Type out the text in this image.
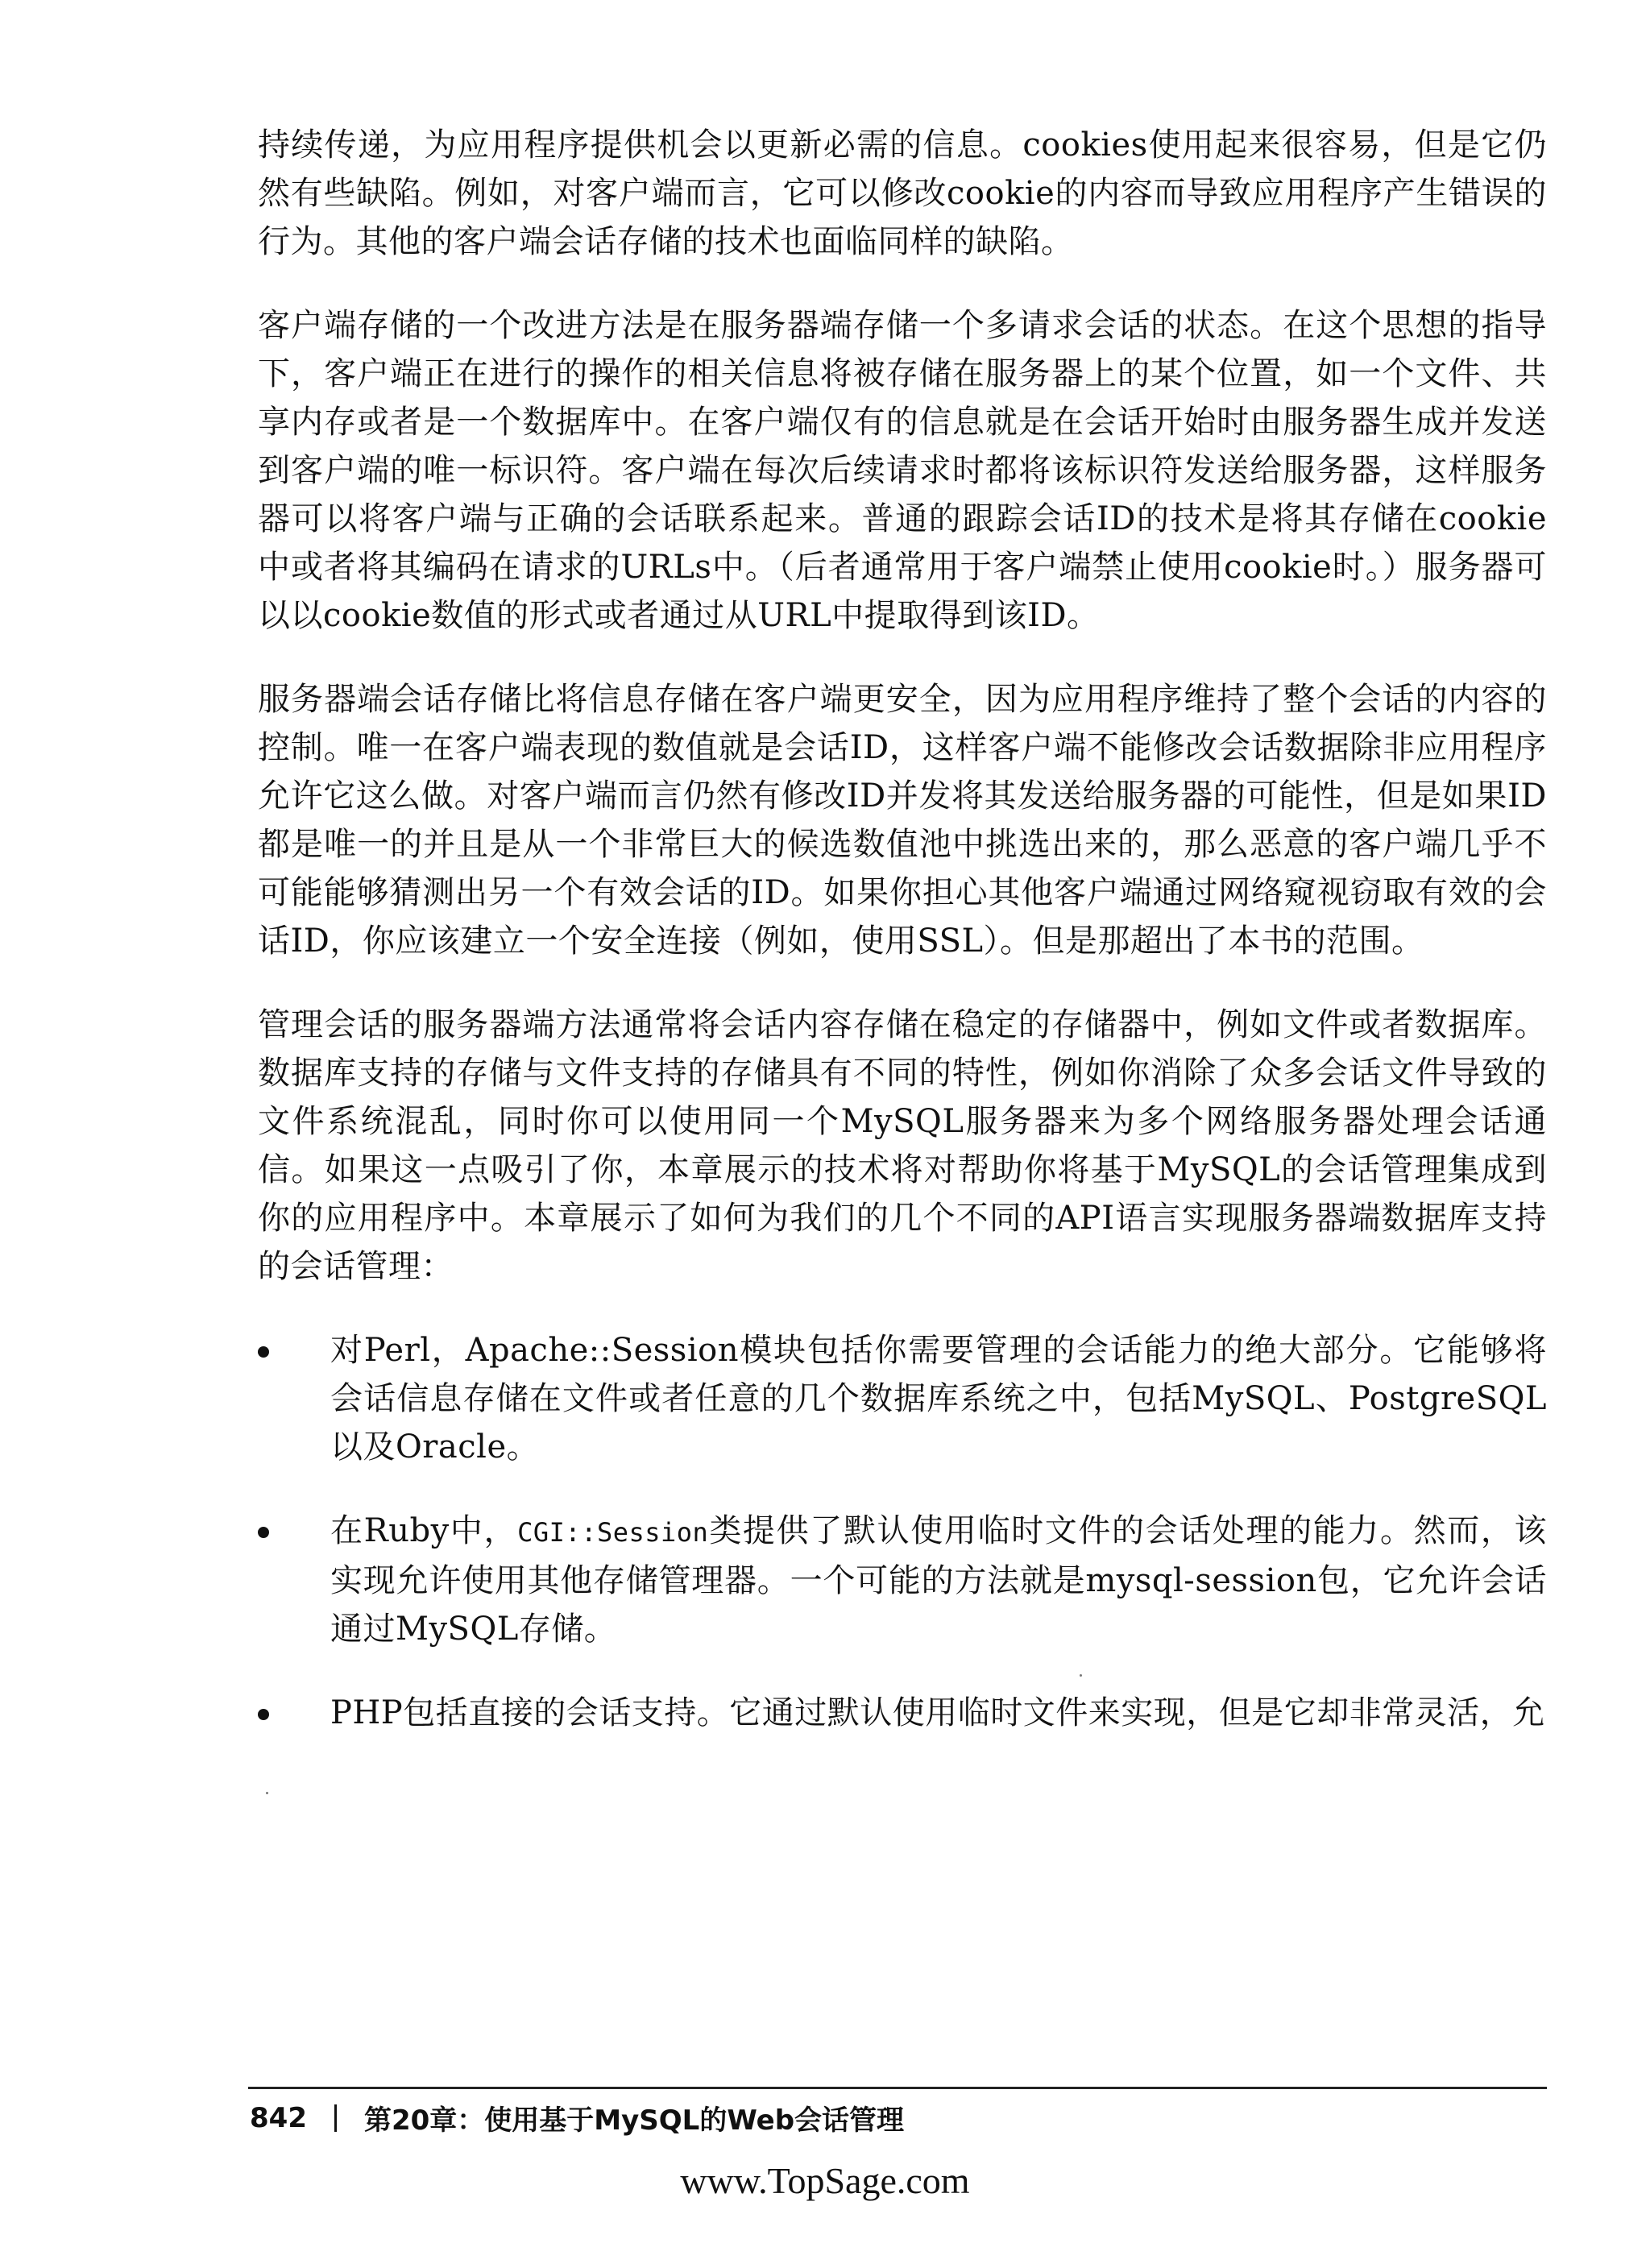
持续传递，为应用程序提供机会以更新必需的信息。cookies使用起来很容易，但是它仍然有些缺陷。例如，对客户端而言，它可以修改cookie的内容而导致应用程序产生错误的行为。其他的客户端会话存储的技术也面临同样的缺陷。

客户端存储的一个改进方法是在服务器端存储一个多请求会话的状态。在这个思想的指导下，客户端正在进行的操作的相关信息将被存储在服务器上的某个位置，如一个文件、共享内存或者是一个数据库中。在客户端仅有的信息就是在会话开始时由服务器生成并发送到客户端的唯一标识符。客户端在每次后续请求时都将该标识符发送给服务器，这样服务器可以将客户端与正确的会话联系起来。普通的跟踪会话ID的技术是将其存储在cookie中或者将其编码在请求的URLs中。（后者通常用于客户端禁止使用cookie时。）服务器可以以cookie数值的形式或者通过从URL中提取得到该ID。

服务器端会话存储比将信息存储在客户端更安全，因为应用程序维持了整个会话的内容的控制。唯一在客户端表现的数值就是会话ID，这样客户端不能修改会话数据除非应用程序允许它这么做。对客户端而言仍然有修改ID并发将其发送给服务器的可能性，但是如果ID都是唯一的并且是从一个非常巨大的候选数值池中挑选出来的，那么恶意的客户端几乎不可能能够猜测出另一个有效会话的ID。如果你担心其他客户端通过网络窥视窃取有效的会话ID，你应该建立一个安全连接（例如，使用SSL）。但是那超出了本书的范围。

管理会话的服务器端方法通常将会话内容存储在稳定的存储器中，例如文件或者数据库。数据库支持的存储与文件支持的存储具有不同的特性，例如你消除了众多会话文件导致的文件系统混乱，同时你可以使用同一个MySQL服务器来为多个网络服务器处理会话通信。如果这一点吸引了你，本章展示的技术将对帮助你将基于MySQL的会话管理集成到你的应用程序中。本章展示了如何为我们的几个不同的API语言实现服务器端数据库支持的会话管理：

对Perl，Apache::Session模块包括你需要管理的会话能力的绝大部分。它能够将会话信息存储在文件或者任意的几个数据库系统之中，包括MySQL、PostgreSQL以及Oracle。
在Ruby中，CGI::Session类提供了默认使用临时文件的会话处理的能力。然而，该实现允许使用其他存储管理器。一个可能的方法就是mysql-session包，它允许会话通过MySQL存储。
PHP包括直接的会话支持。它通过默认使用临时文件来实现，但是它却非常灵活，允
842 第20章：使用基于MySQL的Web会话管理
www.TopSage.com
